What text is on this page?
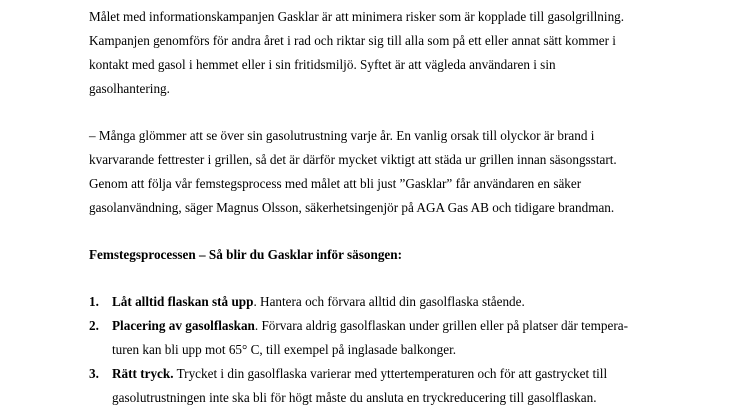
Målet med informationskampanjen Gasklar är att minimera risker som är kopplade till gasolgrillning.
Kampanjen genomförs för andra året i rad och riktar sig till alla som på ett eller annat sätt kommer i
kontakt med gasol i hemmet eller i sin fritidsmiljö. Syftet är att vägleda användaren i sin
gasolhantering.
– Många glömmer att se över sin gasolutrustning varje år. En vanlig orsak till olyckor är brand i
kvarvarande fettrester i grillen, så det är därför mycket viktigt att städa ur grillen innan säsongsstart.
Genom att följa vår femstegsprocess med målet att bli just ”Gasklar” får användaren en säker
gasolanvändning, säger Magnus Olsson, säkerhetsingenjör på AGA Gas AB och tidigare brandman.
Femstegsprocessen – Så blir du Gasklar inför säsongen:
1. Låt alltid flaskan stå upp. Hantera och förvara alltid din gasolflaska stående.
2. Placering av gasolflaskan. Förvara aldrig gasolflaskan under grillen eller på platser där tempera-
turen kan bli upp mot 65° C, till exempel på inglasade balkonger.
3. Rätt tryck. Trycket i din gasolflaska varierar med yttertemperaturen och för att gastrycket till
gasolutrustningen inte ska bli för högt måste du ansluta en tryckreducering till gasolflaskan.
